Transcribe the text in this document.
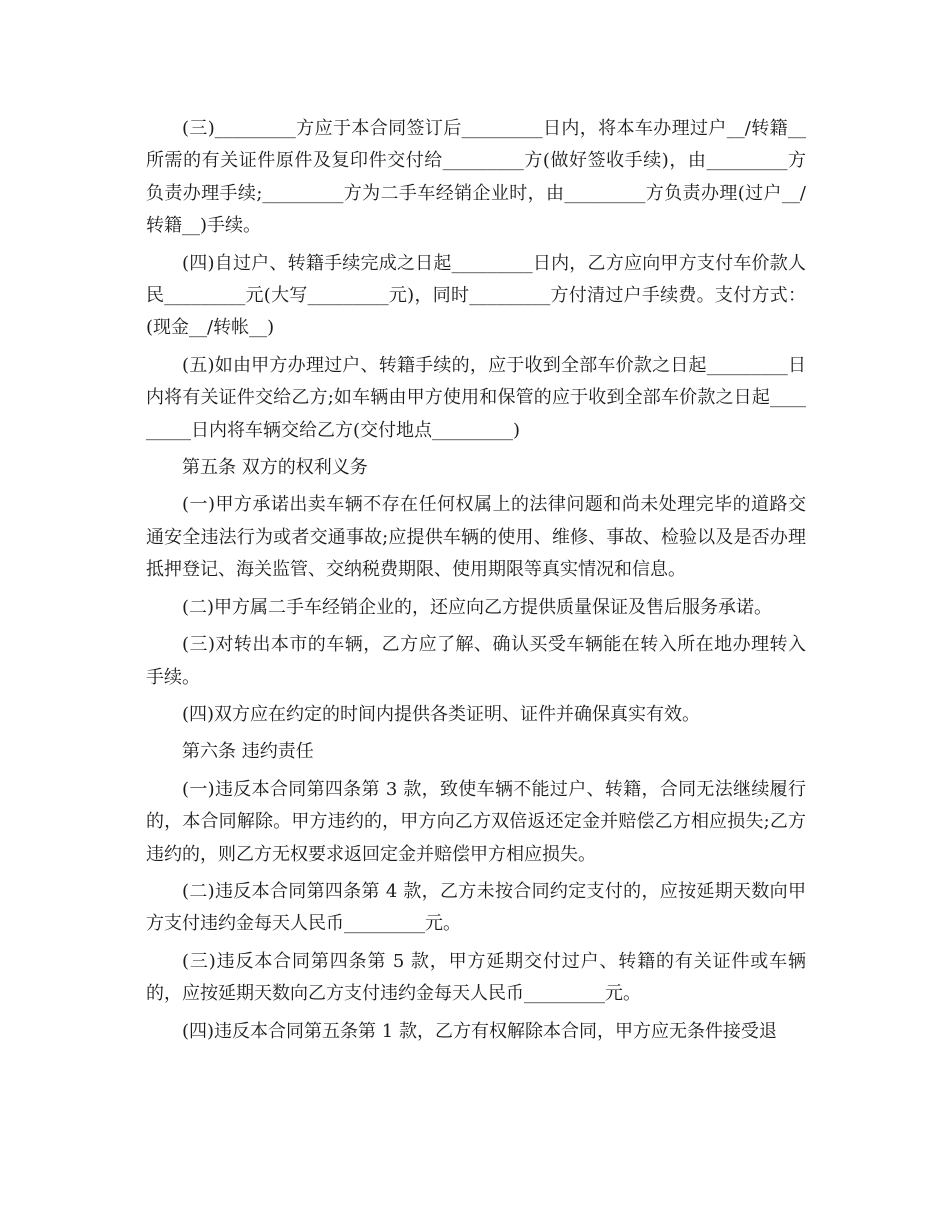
(三)_________方应于本合同签订后_________日内，将本车办理过户__/转籍__所需的有关证件原件及复印件交付给_________方(做好签收手续)，由_________方负责办理手续;_________方为二手车经销企业时，由_________方负责办理(过户__/转籍__)手续。

(四)自过户、转籍手续完成之日起_________日内，乙方应向甲方支付车价款人民_________元(大写_________元)，同时_________方付清过户手续费。支付方式：(现金__/转帐__)

(五)如由甲方办理过户、转籍手续的，应于收到全部车价款之日起_________日内将有关证件交给乙方;如车辆由甲方使用和保管的应于收到全部车价款之日起_________日内将车辆交给乙方(交付地点_________)

第五条 双方的权利义务

(一)甲方承诺出卖车辆不存在任何权属上的法律问题和尚未处理完毕的道路交通安全违法行为或者交通事故;应提供车辆的使用、维修、事故、检验以及是否办理抵押登记、海关监管、交纳税费期限、使用期限等真实情况和信息。

(二)甲方属二手车经销企业的，还应向乙方提供质量保证及售后服务承诺。

(三)对转出本市的车辆，乙方应了解、确认买受车辆能在转入所在地办理转入手续。

(四)双方应在约定的时间内提供各类证明、证件并确保真实有效。

第六条 违约责任

(一)违反本合同第四条第 3 款，致使车辆不能过户、转籍，合同无法继续履行的，本合同解除。甲方违约的，甲方向乙方双倍返还定金并赔偿乙方相应损失;乙方违约的，则乙方无权要求返回定金并赔偿甲方相应损失。

(二)违反本合同第四条第 4 款，乙方未按合同约定支付的，应按延期天数向甲方支付违约金每天人民币_________元。

(三)违反本合同第四条第 5 款，甲方延期交付过户、转籍的有关证件或车辆的，应按延期天数向乙方支付违约金每天人民币_________元。

(四)违反本合同第五条第 1 款，乙方有权解除本合同，甲方应无条件接受退
